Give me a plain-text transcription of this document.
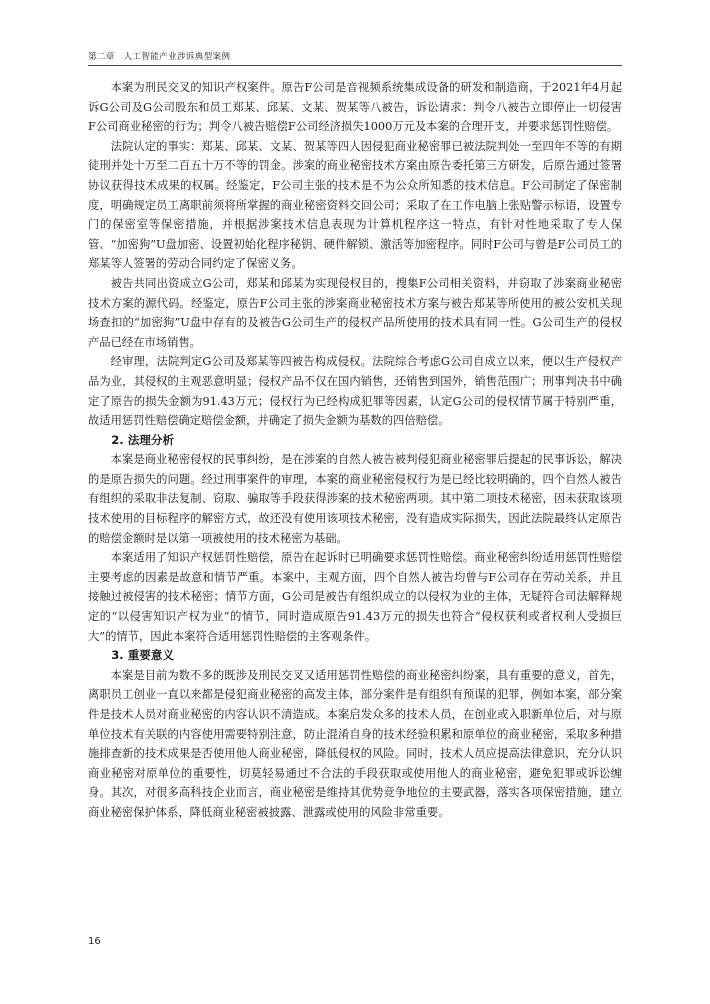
第二章　人工智能产业涉诉典型案例

本案为刑民交叉的知识产权案件。原告F公司是音视频系统集成设备的研发和制造商，于2021年4月起诉G公司及G公司股东和员工郑某、邱某、文某、贺某等八被告，诉讼请求：判令八被告立即停止一切侵害F公司商业秘密的行为；判令八被告赔偿F公司经济损失1000万元及本案的合理开支，并要求惩罚性赔偿。

法院认定的事实：郑某、邱某、文某、贺某等四人因侵犯商业秘密罪已被法院判处一至四年不等的有期徒刑并处十万至二百五十万不等的罚金。涉案的商业秘密技术方案由原告委托第三方研发，后原告通过签署协议获得技术成果的权属。经鉴定，F公司主张的技术是不为公众所知悉的技术信息。F公司制定了保密制度，明确规定员工离职前须将所掌握的商业秘密资料交回公司；采取了在工作电脑上张贴警示标语，设置专门的保密室等保密措施，并根据涉案技术信息表现为计算机程序这一特点，有针对性地采取了专人保管、“加密狗”U盘加密、设置初始化程序秘钥、硬件解锁、激活等加密程序。同时F公司与曾是F公司员工的郑某等人签署的劳动合同约定了保密义务。

被告共同出资成立G公司，郑某和邱某为实现侵权目的，搜集F公司相关资料，并窃取了涉案商业秘密技术方案的源代码。经鉴定，原告F公司主张的涉案商业秘密技术方案与被告郑某等所使用的被公安机关现场查扣的“加密狗”U盘中存有的及被告G公司生产的侵权产品所使用的技术具有同一性。G公司生产的侵权产品已经在市场销售。

经审理，法院判定G公司及郑某等四被告构成侵权。法院综合考虑G公司自成立以来，便以生产侵权产品为业，其侵权的主观恶意明显；侵权产品不仅在国内销售，还销售到国外，销售范围广；刑事判决书中确定了原告的损失金额为91.43万元；侵权行为已经构成犯罪等因素，认定G公司的侵权情节属于特别严重，故适用惩罚性赔偿确定赔偿金额，并确定了损失金额为基数的四倍赔偿。

2. 法理分析

本案是商业秘密侵权的民事纠纷，是在涉案的自然人被告被判侵犯商业秘密罪后提起的民事诉讼，解决的是原告损失的问题。经过刑事案件的审理，本案的商业秘密侵权行为是已经比较明确的，四个自然人被告有组织的采取非法复制、窃取、骗取等手段获得涉案的技术秘密两项。其中第二项技术秘密，因未获取该项技术使用的目标程序的解密方式，故还没有使用该项技术秘密，没有造成实际损失，因此法院最终认定原告的赔偿金额时是以第一项被使用的技术秘密为基础。

本案适用了知识产权惩罚性赔偿，原告在起诉时已明确要求惩罚性赔偿。商业秘密纠纷适用惩罚性赔偿主要考虑的因素是故意和情节严重。本案中，主观方面，四个自然人被告均曾与F公司存在劳动关系，并且接触过被侵害的技术秘密；情节方面，G公司是被告有组织成立的以侵权为业的主体，无疑符合司法解释规定的“以侵害知识产权为业”的情节，同时造成原告91.43万元的损失也符合“侵权获利或者权利人受损巨大”的情节，因此本案符合适用惩罚性赔偿的主客观条件。

3. 重要意义

本案是目前为数不多的既涉及刑民交叉又适用惩罚性赔偿的商业秘密纠纷案，具有重要的意义，首先，离职员工创业一直以来都是侵犯商业秘密的高发主体，部分案件是有组织有预谋的犯罪，例如本案，部分案件是技术人员对商业秘密的内容认识不清造成。本案启发众多的技术人员，在创业或入职新单位后，对与原单位技术有关联的内容使用需要特别注意，防止混淆自身的技术经验积累和原单位的商业秘密，采取多种措施排查新的技术成果是否使用他人商业秘密，降低侵权的风险。同时，技术人员应提高法律意识，充分认识商业秘密对原单位的重要性，切莫轻易通过不合法的手段获取或使用他人的商业秘密，避免犯罪或诉讼缠身。其次，对很多高科技企业而言，商业秘密是维持其优势竞争地位的主要武器，落实各项保密措施，建立商业秘密保护体系，降低商业秘密被披露、泄露或使用的风险非常重要。

16
